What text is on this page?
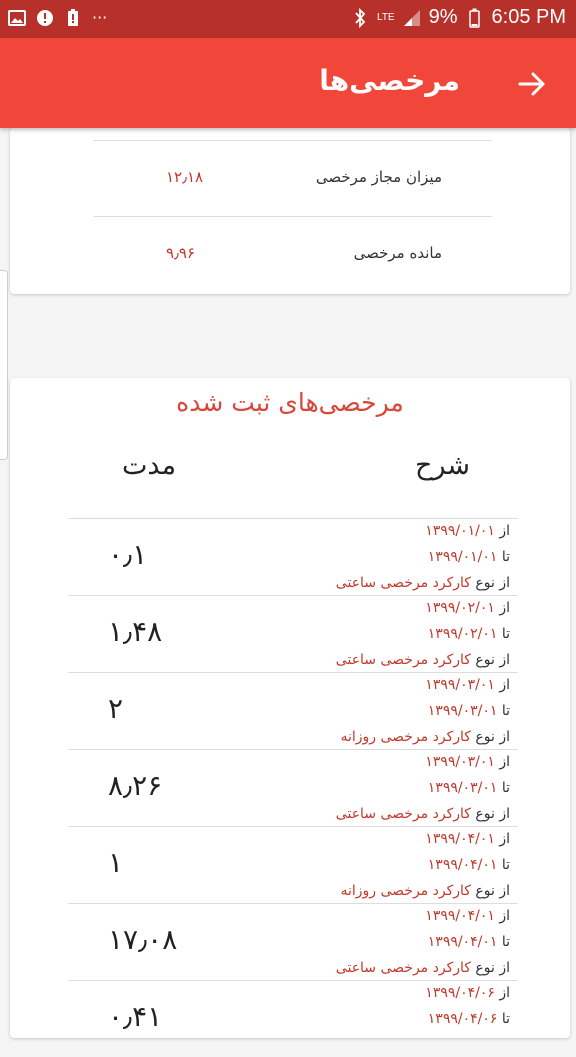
···	LTE 9% 6:05 PM
مرخصی‌ها
میزان مجاز مرخصی
۱۲٫۱۸
مانده مرخصی
۹٫۹۶
مرخصی‌های ثبت شده
شرح
مدت
از ۱۳۹۹/۰۱/۰۱
تا ۱۳۹۹/۰۱/۰۱
از نوع کارکرد مرخصی ساعتی
۰٫۱
از ۱۳۹۹/۰۲/۰۱
تا ۱۳۹۹/۰۲/۰۱
از نوع کارکرد مرخصی ساعتی
۱٫۴۸
از ۱۳۹۹/۰۳/۰۱
تا ۱۳۹۹/۰۳/۰۱
از نوع کارکرد مرخصی روزانه
۲
از ۱۳۹۹/۰۳/۰۱
تا ۱۳۹۹/۰۳/۰۱
از نوع کارکرد مرخصی ساعتی
۸٫۲۶
از ۱۳۹۹/۰۴/۰۱
تا ۱۳۹۹/۰۴/۰۱
از نوع کارکرد مرخصی روزانه
۱
از ۱۳۹۹/۰۴/۰۱
تا ۱۳۹۹/۰۴/۰۱
از نوع کارکرد مرخصی ساعتی
۱۷٫۰۸
از ۱۳۹۹/۰۴/۰۶
تا ۱۳۹۹/۰۴/۰۶
۰٫۴۱
